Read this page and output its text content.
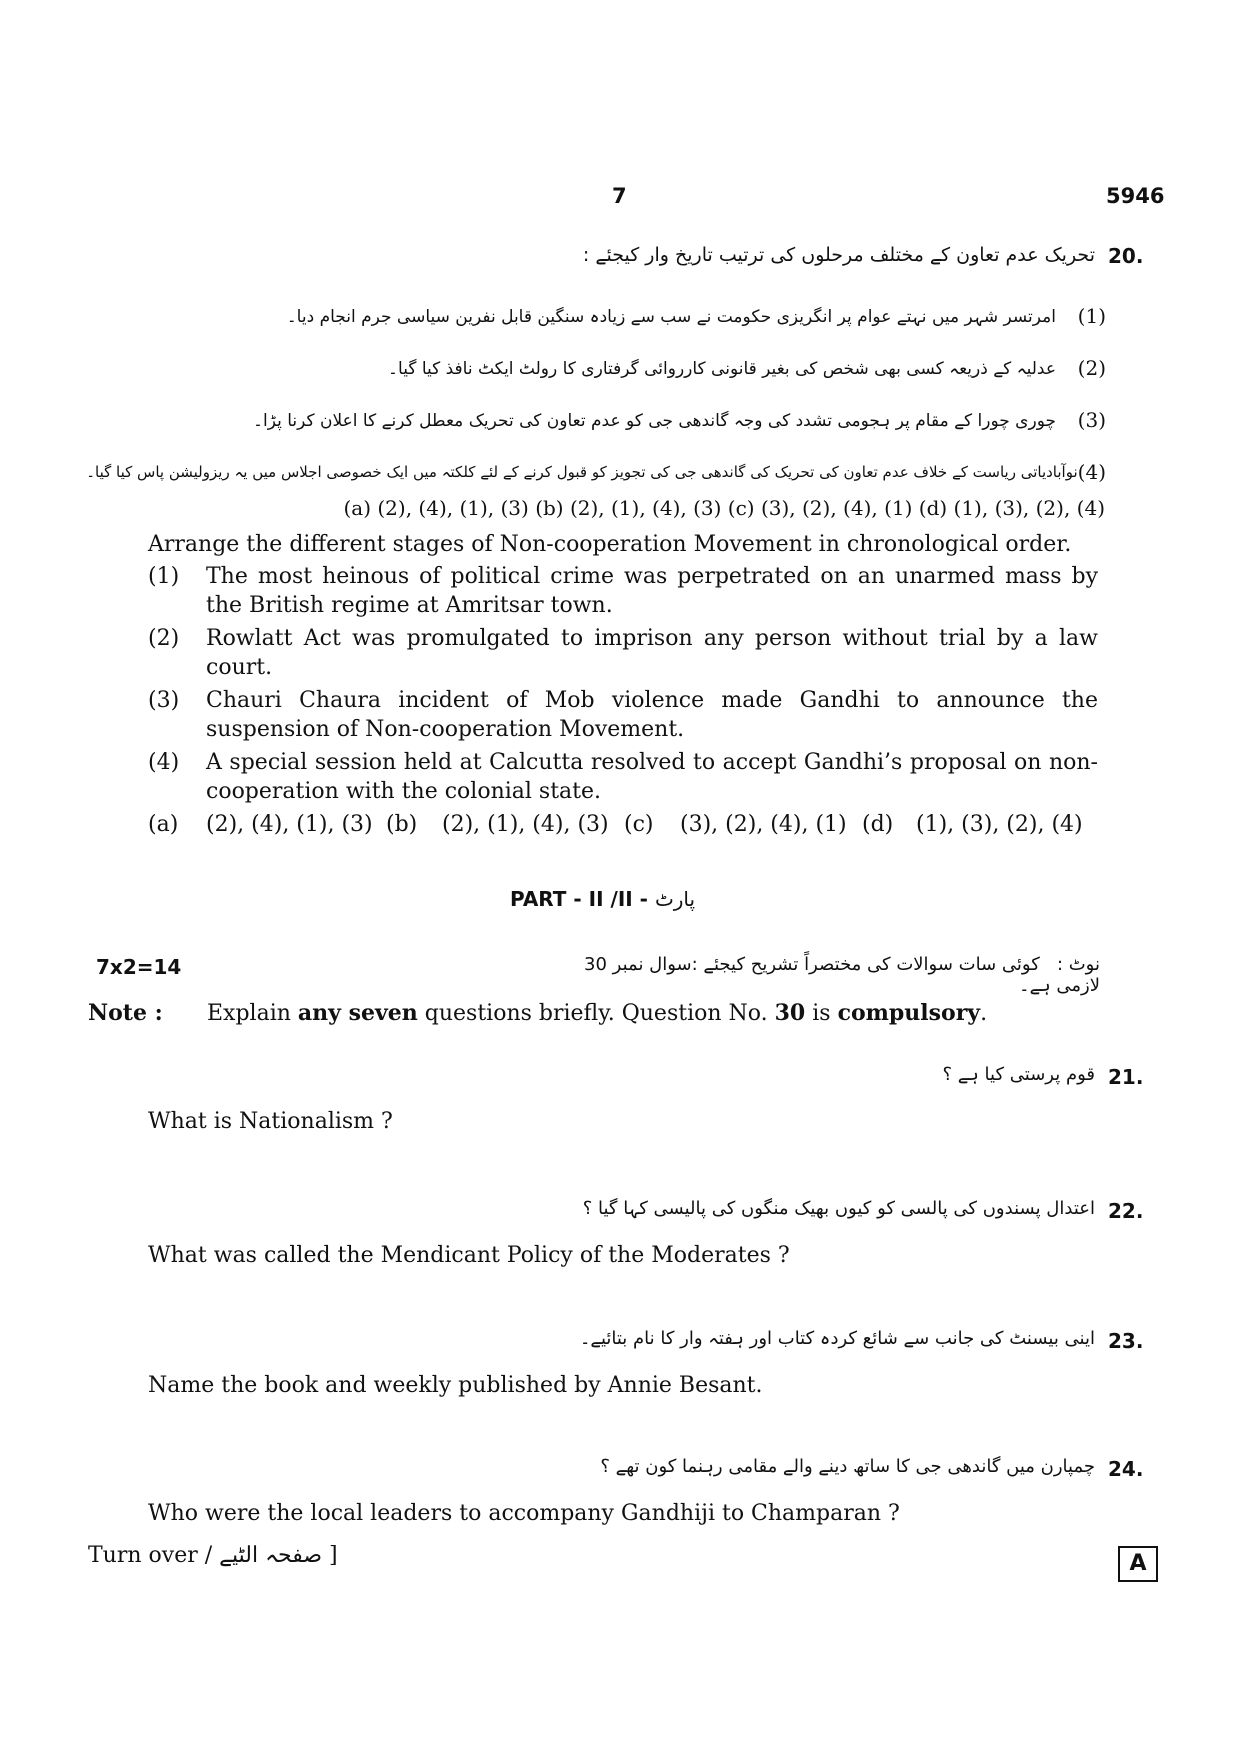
7	5946
20.
تحریک عدم تعاون کے مختلف مرحلوں کی ترتیب تاریخ وار کیجئے :
(1)
امرتسر شہر میں نہتے عوام پر انگریزی حکومت نے سب سے زیادہ سنگین قابل نفرین سیاسی جرم انجام دیا۔
(2)
عدلیہ کے ذریعہ کسی بھی شخص کی بغیر قانونی کارروائی گرفتاری کا رولٹ ایکٹ نافذ کیا گیا۔
(3)
چوری چورا کے مقام پر ہجومی تشدد کی وجہ گاندھی جی کو عدم تعاون کی تحریک معطل کرنے کا اعلان کرنا پڑا۔
(4)
نوآبادیاتی ریاست کے خلاف عدم تعاون کی تحریک کی گاندھی جی کی تجویز کو قبول کرنے کے لئے کلکتہ میں ایک خصوصی اجلاس میں یہ ریزولیشن پاس کیا گیا۔
(a) (2), (4), (1), (3) (b) (2), (1), (4), (3) (c) (3), (2), (4), (1) (d) (1), (3), (2), (4)
Arrange the different stages of Non-cooperation Movement in chronological order.
(1)	The most heinous of political crime was perpetrated on an unarmed mass by the British regime at Amritsar town.
(2)	Rowlatt Act was promulgated to imprison any person without trial by a law court.
(3)	Chauri Chaura incident of Mob violence made Gandhi to announce the suspension of Non-cooperation Movement.
(4)	A special session held at Calcutta resolved to accept Gandhi’s proposal on non-cooperation with the colonial state.
(a)	(2), (4), (1), (3) (b)	(2), (1), (4), (3) (c)	(3), (2), (4), (1) (d)	(1), (3), (2), (4)
PART - II /II - پارٹ
7x2=14	نوٹ :   کوئی سات سوالات کی مختصراً تشریح کیجئے :سوال نمبر 30 لازمی ہے۔
Note : Explain any seven questions briefly. Question No. 30 is compulsory.
21.
قوم پرستی کیا ہے ؟
What is Nationalism ?
22.
اعتدال پسندوں کی پالسی کو کیوں بھیک منگوں کی پالیسی کہا گیا ؟
What was called the Mendicant Policy of the Moderates ?
23.
اینی بیسنٹ کی جانب سے شائع کردہ کتاب اور ہفتہ وار کا نام بتائیے۔
Name the book and weekly published by Annie Besant.
24.
چمپارن میں گاندھی جی کا ساتھ دینے والے مقامی رہنما کون تھے ؟
Who were the local leaders to accompany Gandhiji to Champaran ?
[ صفحہ الٹیے / Turn over	A
